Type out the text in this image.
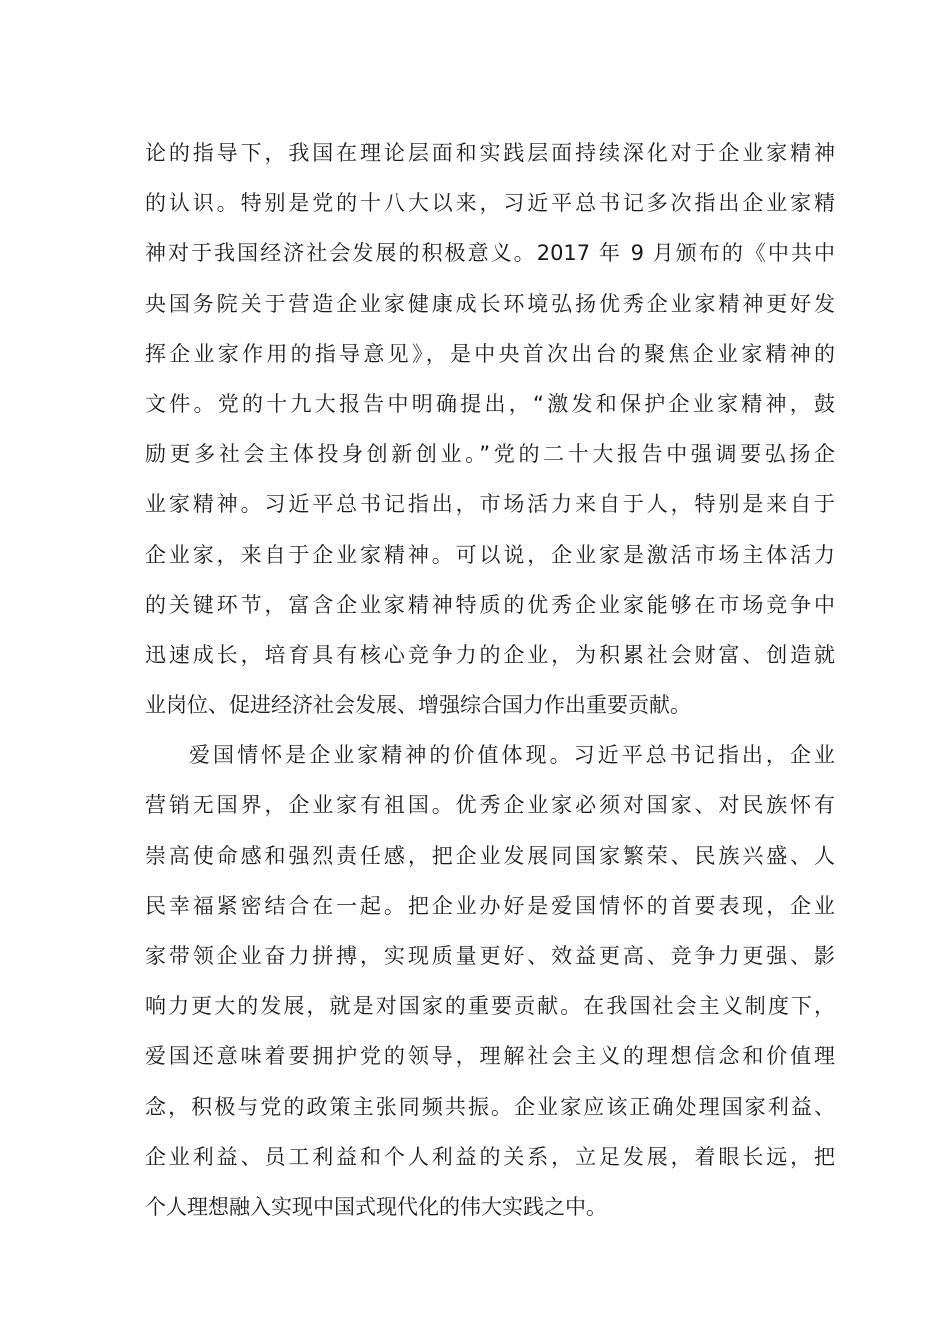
论的指导下，我国在理论层面和实践层面持续深化对于企业家精神
的认识。特别是党的十八大以来，习近平总书记多次指出企业家精
神对于我国经济社会发展的积极意义。2017 年 9 月颁布的《中共中
央国务院关于营造企业家健康成长环境弘扬优秀企业家精神更好发
挥企业家作用的指导意见》，是中央首次出台的聚焦企业家精神的
文件。党的十九大报告中明确提出，“激发和保护企业家精神，鼓
励更多社会主体投身创新创业。”党的二十大报告中强调要弘扬企
业家精神。习近平总书记指出，市场活力来自于人，特别是来自于
企业家，来自于企业家精神。可以说，企业家是激活市场主体活力
的关键环节，富含企业家精神特质的优秀企业家能够在市场竞争中
迅速成长，培育具有核心竞争力的企业，为积累社会财富、创造就
业岗位、促进经济社会发展、增强综合国力作出重要贡献。
爱国情怀是企业家精神的价值体现。习近平总书记指出，企业
营销无国界，企业家有祖国。优秀企业家必须对国家、对民族怀有
崇高使命感和强烈责任感，把企业发展同国家繁荣、民族兴盛、人
民幸福紧密结合在一起。把企业办好是爱国情怀的首要表现，企业
家带领企业奋力拼搏，实现质量更好、效益更高、竞争力更强、影
响力更大的发展，就是对国家的重要贡献。在我国社会主义制度下，
爱国还意味着要拥护党的领导，理解社会主义的理想信念和价值理
念，积极与党的政策主张同频共振。企业家应该正确处理国家利益、
企业利益、员工利益和个人利益的关系，立足发展，着眼长远，把
个人理想融入实现中国式现代化的伟大实践之中。
